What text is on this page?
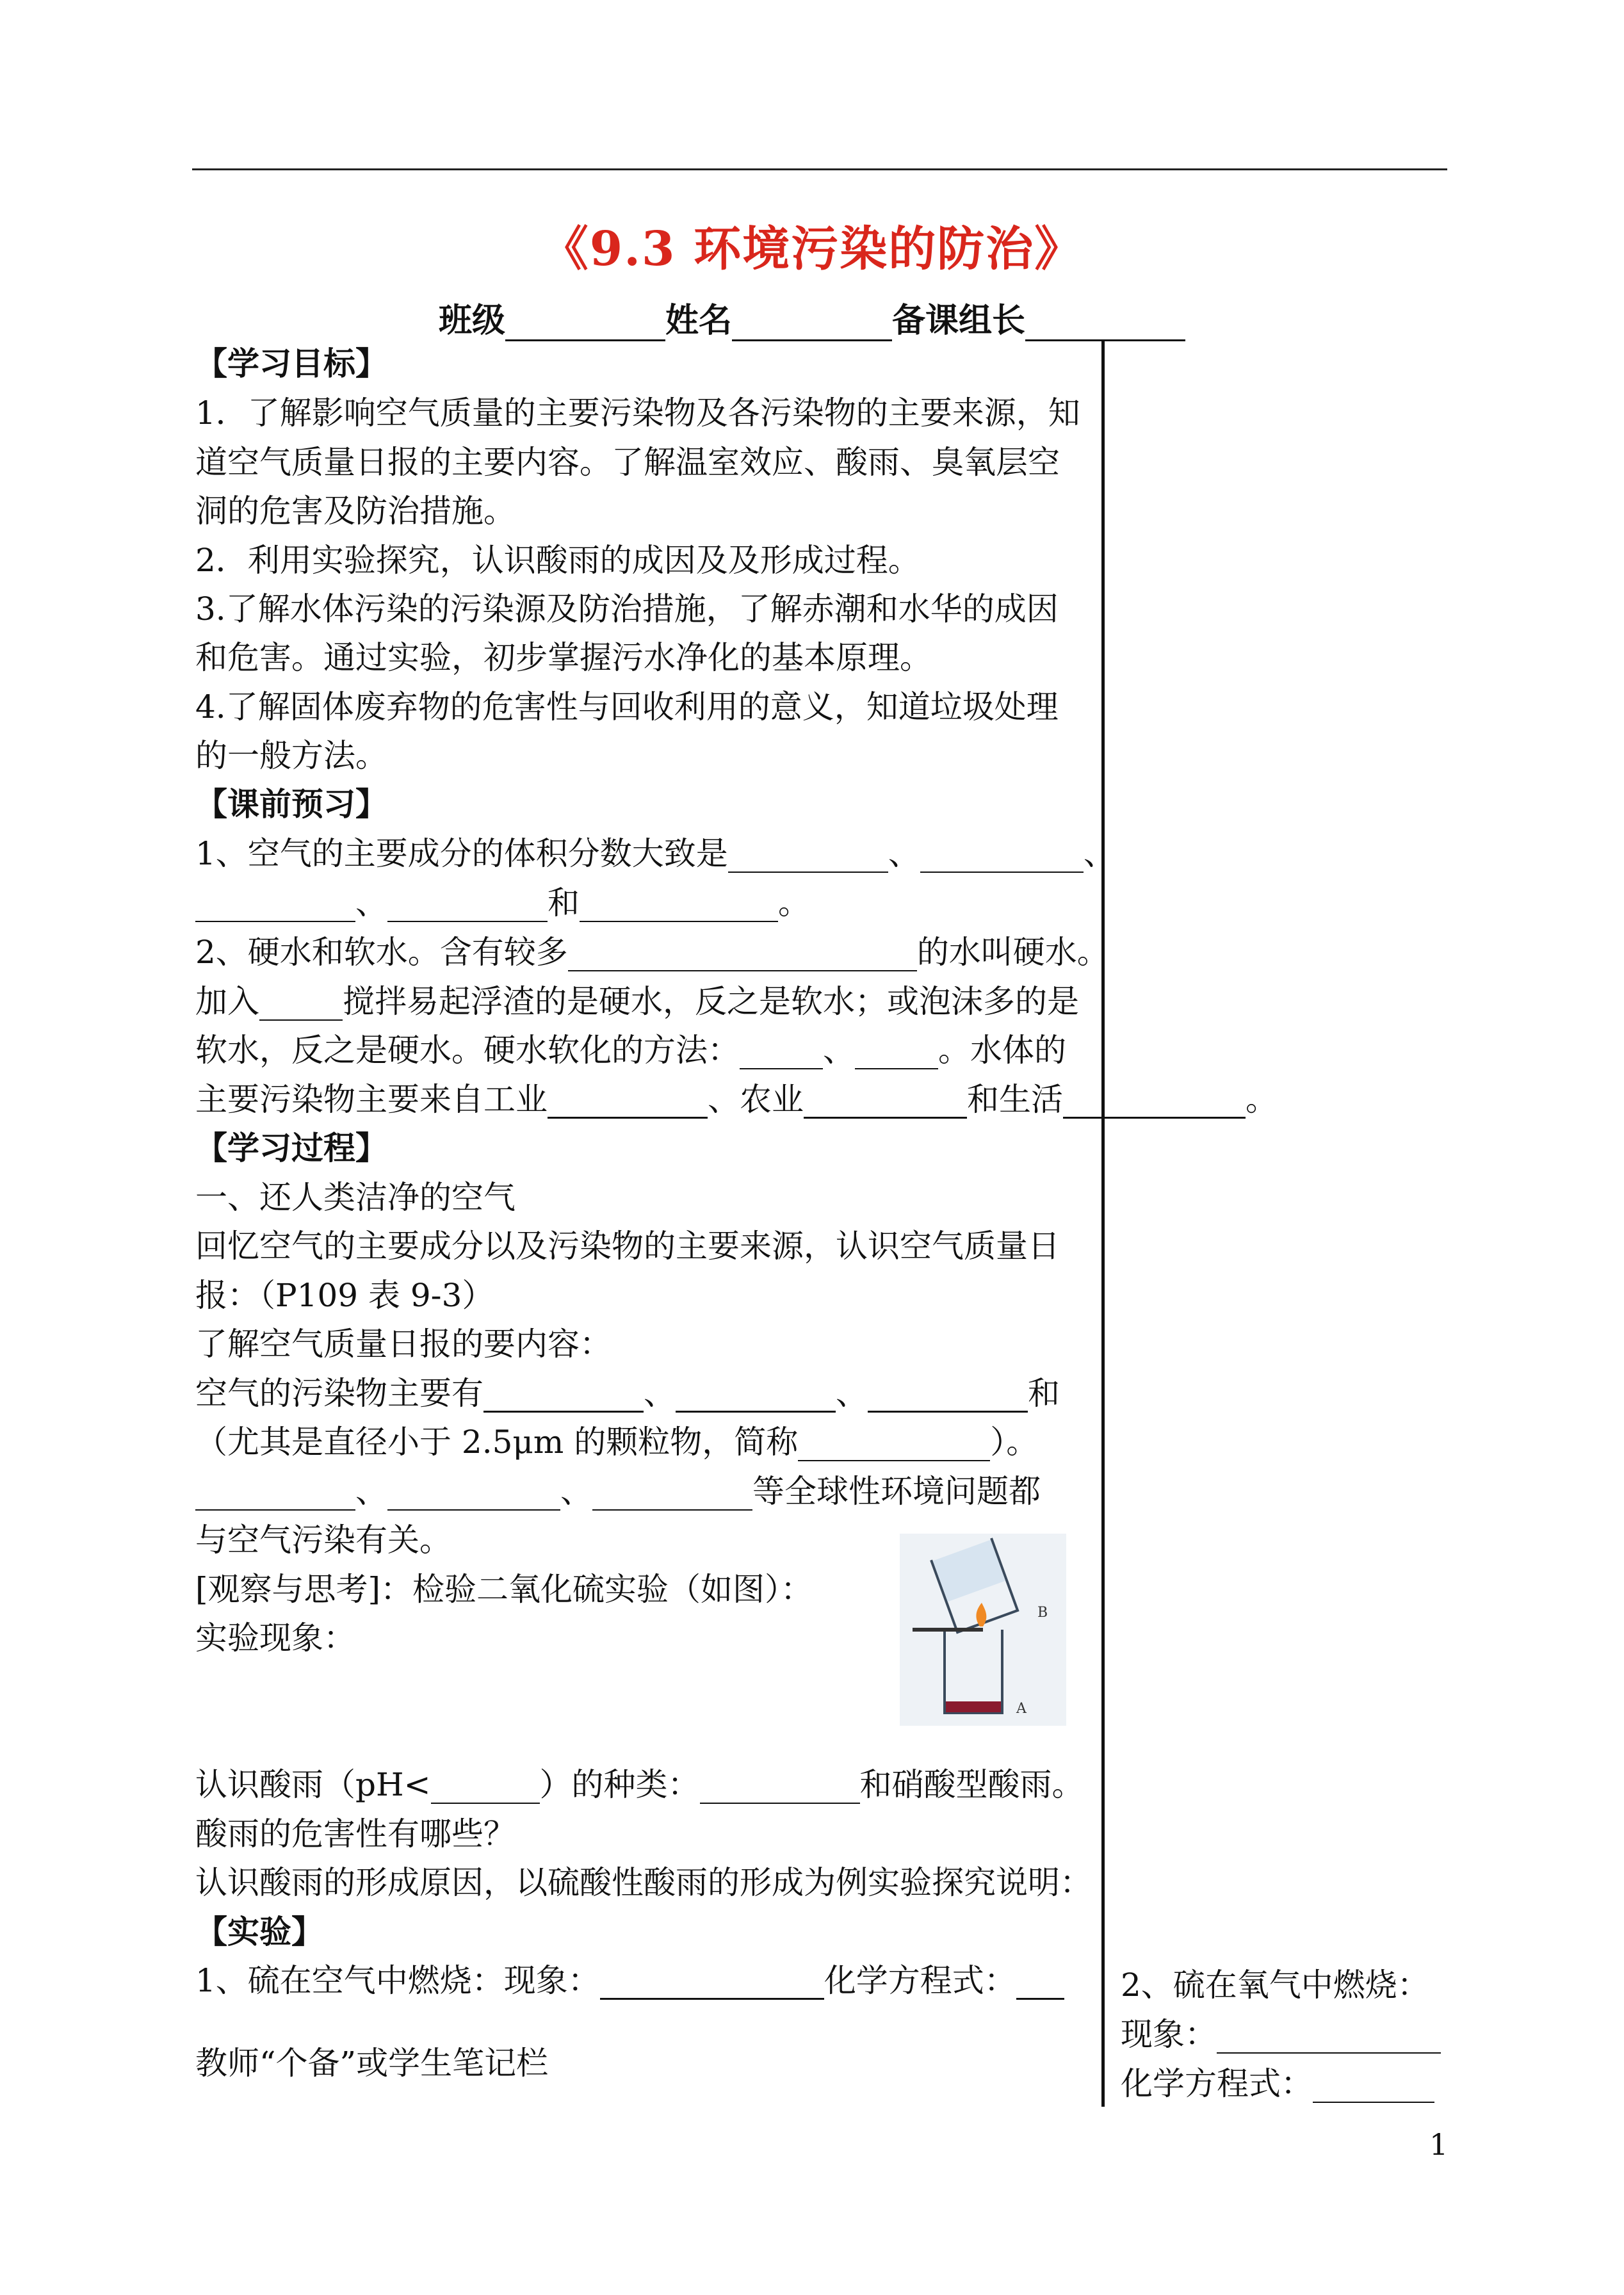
《9.3 环境污染的防治》
班级	姓名	备课组长
【学习目标】
1．了解影响空气质量的主要污染物及各污染物的主要来源，知
道空气质量日报的主要内容。了解温室效应、酸雨、臭氧层空
洞的危害及防治措施。
2．利用实验探究，认识酸雨的成因及及形成过程。
3.了解水体污染的污染源及防治措施，了解赤潮和水华的成因
和危害。通过实验，初步掌握污水净化的基本原理。
4.了解固体废弃物的危害性与回收利用的意义，知道垃圾处理
的一般方法。
【课前预习】
1、空气的主要成分的体积分数大致是	、	、
、	和	。
2、硬水和软水。含有较多	的水叫硬水。
加入	搅拌易起浮渣的是硬水，反之是软水；或泡沫多的是
软水，反之是硬水。硬水软化的方法：	、	。水体的
主要污染物主要来自工业	、农业	和生活	。
【学习过程】
一、还人类洁净的空气
回忆空气的主要成分以及污染物的主要来源，认识空气质量日
报：（P109 表 9-3）
了解空气质量日报的要内容：
空气的污染物主要有	、	、	和
（尤其是直径小于 2.5μm 的颗粒物，简称	）。
、	、	等全球性环境问题都
与空气污染有关。
[观察与思考]：检验二氧化硫实验（如图）：
实验现象：
B
A
认识酸雨（pH<	）的种类：	和硝酸型酸雨。
酸雨的危害性有哪些？
认识酸雨的形成原因，以硫酸性酸雨的形成为例实验探究说明：
【实验】
1、硫在空气中燃烧：现象：	化学方程式：
教师“个备”或学生笔记栏
2、硫在氧气中燃烧：
现象：
化学方程式：
1
